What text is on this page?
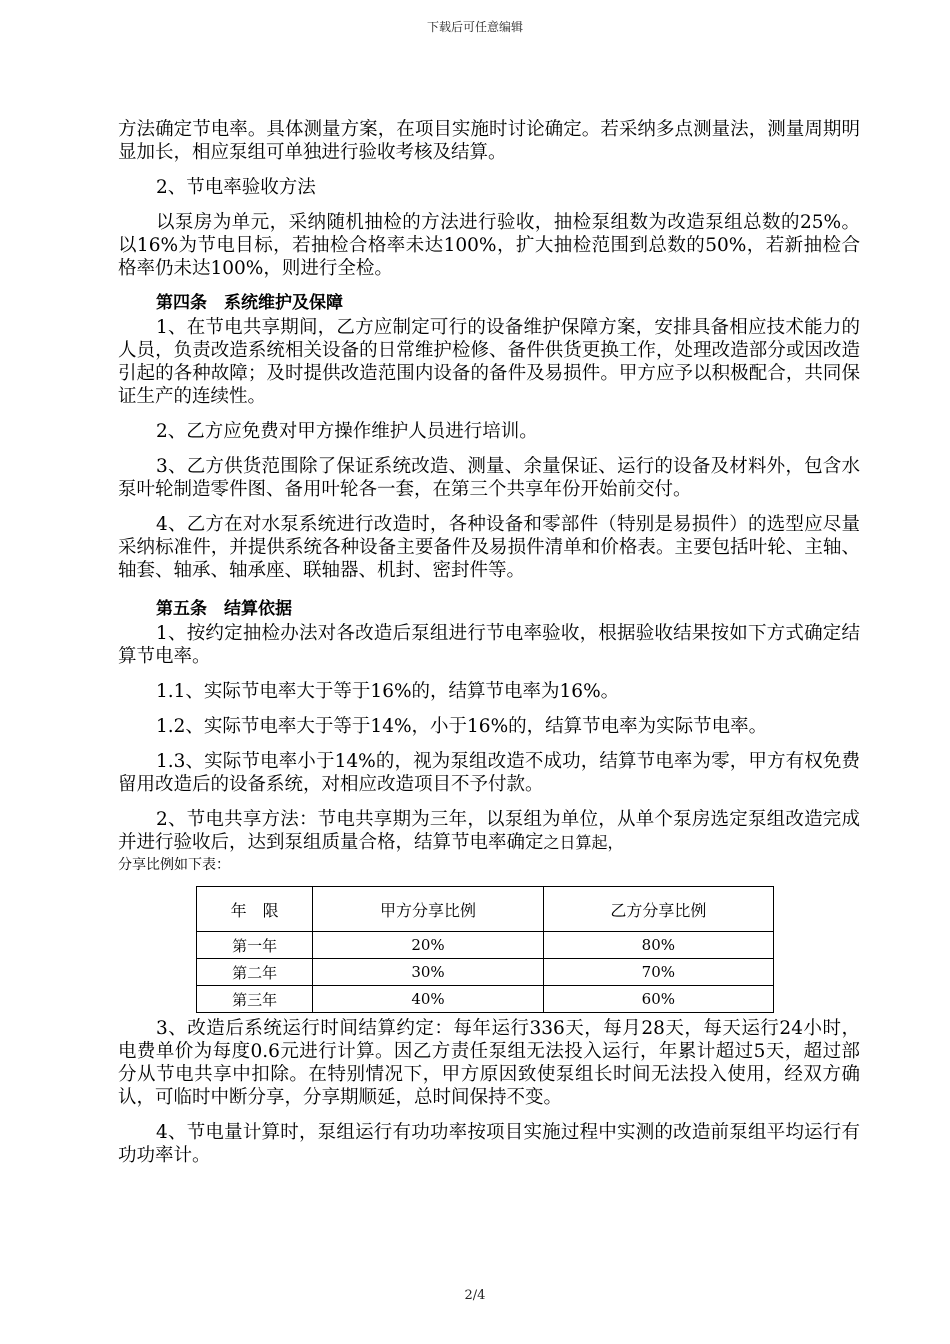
下载后可任意编辑

方法确定节电率。具体测量方案，在项目实施时讨论确定。若采纳多点测量法，测量周期明显加长，相应泵组可单独进行验收考核及结算。

2、节电率验收方法

以泵房为单元，采纳随机抽检的方法进行验收，抽检泵组数为改造泵组总数的25%。以16%为节电目标，若抽检合格率未达100%，扩大抽检范围到总数的50%，若新抽检合格率仍未达100%，则进行全检。

第四条　系统维护及保障

1、在节电共享期间，乙方应制定可行的设备维护保障方案，安排具备相应技术能力的人员，负责改造系统相关设备的日常维护检修、备件供货更换工作，处理改造部分或因改造引起的各种故障；及时提供改造范围内设备的备件及易损件。甲方应予以积极配合，共同保证生产的连续性。

2、乙方应免费对甲方操作维护人员进行培训。

3、乙方供货范围除了保证系统改造、测量、余量保证、运行的设备及材料外，包含水泵叶轮制造零件图、备用叶轮各一套，在第三个共享年份开始前交付。

4、乙方在对水泵系统进行改造时，各种设备和零部件（特别是易损件）的选型应尽量采纳标准件，并提供系统各种设备主要备件及易损件清单和价格表。主要包括叶轮、主轴、轴套、轴承、轴承座、联轴器、机封、密封件等。

第五条　结算依据

1、按约定抽检办法对各改造后泵组进行节电率验收，根据验收结果按如下方式确定结算节电率。

1.1、实际节电率大于等于16%的，结算节电率为16%。

1.2、实际节电率大于等于14%，小于16%的，结算节电率为实际节电率。

1.3、实际节电率小于14%的，视为泵组改造不成功，结算节电率为零，甲方有权免费留用改造后的设备系统，对相应改造项目不予付款。

2、节电共享方法：节电共享期为三年，以泵组为单位，从单个泵房选定泵组改造完成并进行验收后，达到泵组质量合格，结算节电率确定之日算起，

分享比例如下表：
年　限	甲方分享比例	乙方分享比例
第一年	20%	80%
第二年	30%	70%
第三年	40%	60%

3、改造后系统运行时间结算约定：每年运行336天，每月28天，每天运行24小时，电费单价为每度0.6元进行计算。因乙方责任泵组无法投入运行，年累计超过5天，超过部分从节电共享中扣除。在特别情况下，甲方原因致使泵组长时间无法投入使用，经双方确认，可临时中断分享，分享期顺延，总时间保持不变。

4、节电量计算时，泵组运行有功功率按项目实施过程中实测的改造前泵组平均运行有功功率计。

2/4
